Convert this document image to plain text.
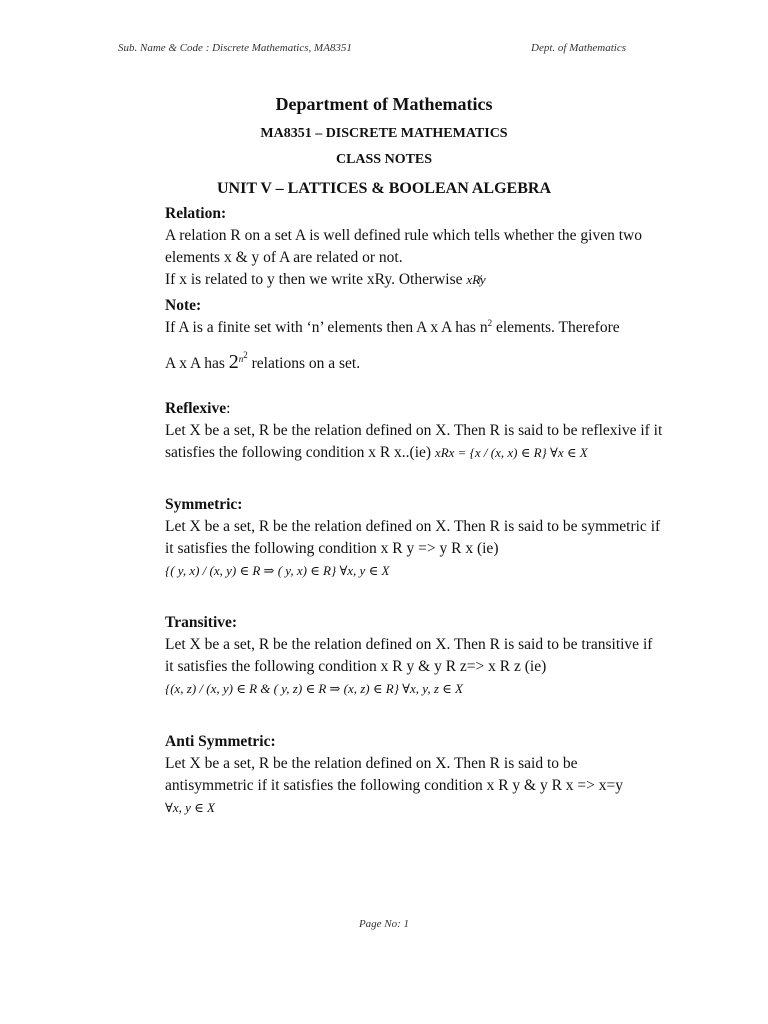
Sub. Name & Code : Discrete Mathematics, MA8351	Dept. of Mathematics
Department of Mathematics
MA8351 – DISCRETE MATHEMATICS
CLASS NOTES
UNIT V – LATTICES & BOOLEAN ALGEBRA
Relation:
A relation R on a set A is well defined rule which tells whether the given two
elements x & y of A are related or not.
If x is related to y then we write xRy. Otherwise xR̸y
Note:
If A is a finite set with ‘n’ elements then A x A has $n^2$ elements. Therefore
A x A has $2^{n^2}$ relations on a set.
Reflexive:
Let X be a set, R be the relation defined on X. Then R is said to be reflexive if it
satisfies the following condition x R x..(ie) xRx = {x / (x, x) ∈ R} ∀x ∈ X
Symmetric:
Let X be a set, R be the relation defined on X. Then R is said to be symmetric if
it satisfies the following condition x R y => y R x (ie)
{( y, x) / (x, y) ∈ R ⇒ ( y, x) ∈ R} ∀x, y ∈ X
Transitive:
Let X be a set, R be the relation defined on X. Then R is said to be transitive if
it satisfies the following condition x R y & y R z=> x R z (ie)
{(x, z) / (x, y) ∈ R & ( y, z) ∈ R ⇒ (x, z) ∈ R} ∀x, y, z ∈ X
Anti Symmetric:
Let X be a set, R be the relation defined on X. Then R is said to be
antisymmetric if it satisfies the following condition x R y & y R x => x=y
∀x, y ∈ X
Page No: 1
